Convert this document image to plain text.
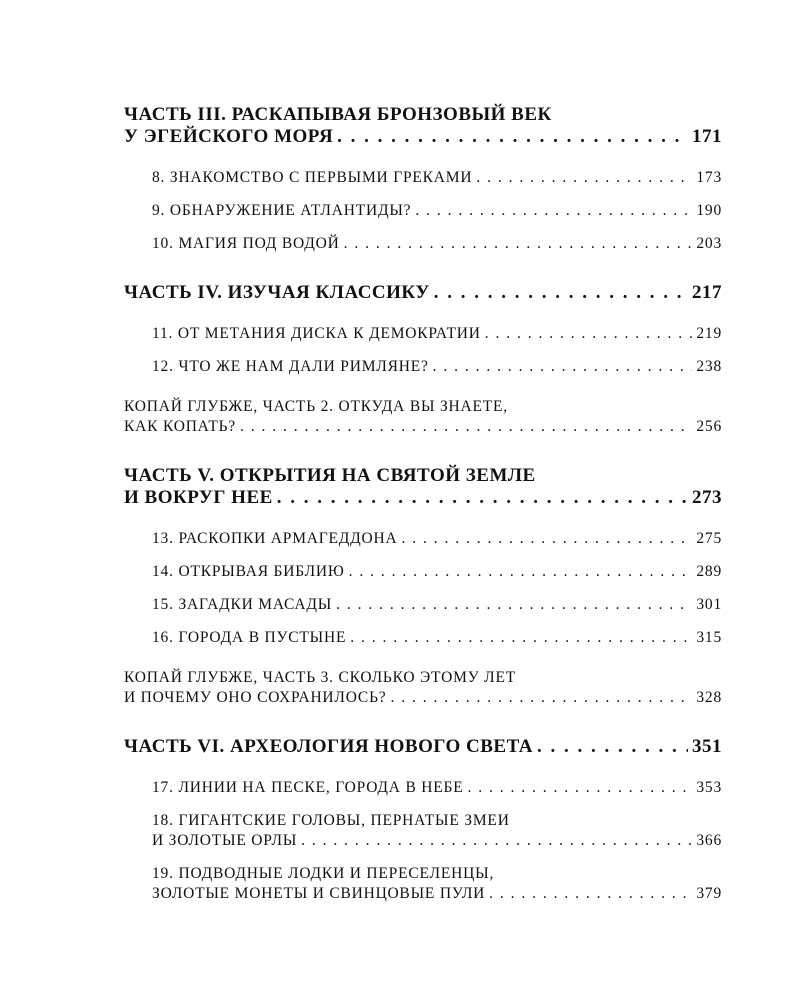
ЧАСТЬ III. РАСКАПЫВАЯ БРОНЗОВЫЙ ВЕК
У ЭГЕЙСКОГО МОРЯ . . .	171
8. ЗНАКОМСТВО С ПЕРВЫМИ ГРЕКАМИ . . .	173
9. ОБНАРУЖЕНИЕ АТЛАНТИДЫ? . . .	190
10. МАГИЯ ПОД ВОДОЙ . . .	203
ЧАСТЬ IV. ИЗУЧАЯ КЛАССИКУ . . .	217
11. ОТ МЕТАНИЯ ДИСКА К ДЕМОКРАТИИ . . .	219
12. ЧТО ЖЕ НАМ ДАЛИ РИМЛЯНЕ? . . .	238
КОПАЙ ГЛУБЖЕ, ЧАСТЬ 2. ОТКУДА ВЫ ЗНАЕТЕ,
КАК КОПАТЬ? . . .	256
ЧАСТЬ V. ОТКРЫТИЯ НА СВЯТОЙ ЗЕМЛЕ
И ВОКРУГ НЕЕ . . .	273
13. РАСКОПКИ АРМАГЕДДОНА . . .	275
14. ОТКРЫВАЯ БИБЛИЮ . . .	289
15. ЗАГАДКИ МАСАДЫ . . .	301
16. ГОРОДА В ПУСТЫНЕ . . .	315
КОПАЙ ГЛУБЖЕ, ЧАСТЬ 3. СКОЛЬКО ЭТОМУ ЛЕТ
И ПОЧЕМУ ОНО СОХРАНИЛОСЬ? . . .	328
ЧАСТЬ VI. АРХЕОЛОГИЯ НОВОГО СВЕТА . . .	351
17. ЛИНИИ НА ПЕСКЕ, ГОРОДА В НЕБЕ . . .	353
18. ГИГАНТСКИЕ ГОЛОВЫ, ПЕРНАТЫЕ ЗМЕИ
И ЗОЛОТЫЕ ОРЛЫ . . .	366
19. ПОДВОДНЫЕ ЛОДКИ И ПЕРЕСЕЛЕНЦЫ,
ЗОЛОТЫЕ МОНЕТЫ И СВИНЦОВЫЕ ПУЛИ . . .	379
